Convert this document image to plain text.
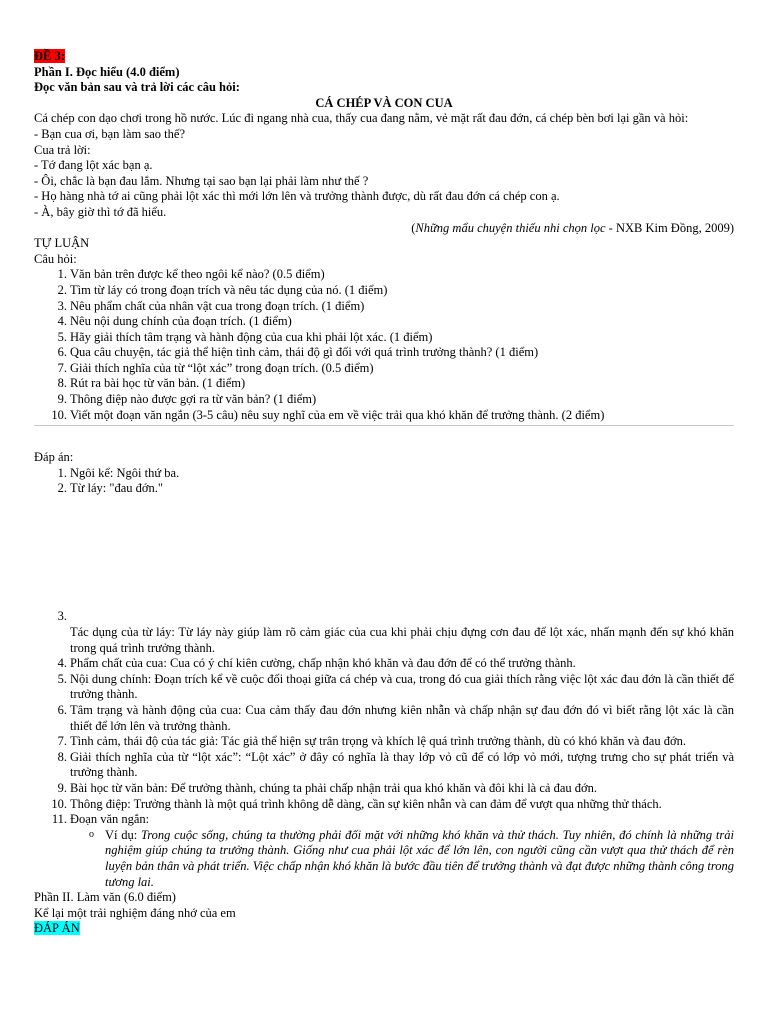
ĐỀ 3:
Phần I. Đọc hiểu (4.0 điểm)
Đọc văn bản sau và trả lời các câu hỏi:
CÁ CHÉP VÀ CON CUA
Cá chép con dạo chơi trong hồ nước. Lúc đi ngang nhà cua, thấy cua đang nằm, vẻ mặt rất đau đớn, cá chép bèn bơi lại gần và hỏi:
- Bạn cua ơi, bạn làm sao thế?
Cua trả lời:
- Tớ đang lột xác bạn ạ.
- Ôi, chắc là bạn đau lắm. Nhưng tại sao bạn lại phải làm như thế ?
- Họ hàng nhà tớ ai cũng phải lột xác thì mới lớn lên và trưởng thành được, dù rất đau đớn cá chép con ạ.
- À, bây giờ thì tớ đã hiểu.
(Những mẩu chuyện thiếu nhi chọn lọc - NXB Kim Đồng, 2009)
TỰ LUẬN
Câu hỏi:
1. Văn bản trên được kể theo ngôi kể nào? (0.5 điểm)
2. Tìm từ láy có trong đoạn trích và nêu tác dụng của nó. (1 điểm)
3. Nêu phẩm chất của nhân vật cua trong đoạn trích. (1 điểm)
4. Nêu nội dung chính của đoạn trích. (1 điểm)
5. Hãy giải thích tâm trạng và hành động của cua khi phải lột xác. (1 điểm)
6. Qua câu chuyện, tác giả thể hiện tình cảm, thái độ gì đối với quá trình trưởng thành? (1 điểm)
7. Giải thích nghĩa của từ “lột xác” trong đoạn trích. (0.5 điểm)
8. Rút ra bài học từ văn bản. (1 điểm)
9. Thông điệp nào được gợi ra từ văn bản? (1 điểm)
10. Viết một đoạn văn ngắn (3-5 câu) nêu suy nghĩ của em về việc trải qua khó khăn để trưởng thành. (2 điểm)
Đáp án:
1. Ngôi kể: Ngôi thứ ba.
2. Từ láy: "đau đớn."
3.
Tác dụng của từ láy: Từ láy này giúp làm rõ cảm giác của cua khi phải chịu đựng cơn đau để lột xác, nhấn mạnh đến sự khó khăn trong quá trình trưởng thành.
4. Phẩm chất của cua: Cua có ý chí kiên cường, chấp nhận khó khăn và đau đớn để có thể trưởng thành.
5. Nội dung chính: Đoạn trích kể về cuộc đối thoại giữa cá chép và cua, trong đó cua giải thích rằng việc lột xác đau đớn là cần thiết để trưởng thành.
6. Tâm trạng và hành động của cua: Cua cảm thấy đau đớn nhưng kiên nhẫn và chấp nhận sự đau đớn đó vì biết rằng lột xác là cần thiết để lớn lên và trưởng thành.
7. Tình cảm, thái độ của tác giả: Tác giả thể hiện sự trân trọng và khích lệ quá trình trưởng thành, dù có khó khăn và đau đớn.
8. Giải thích nghĩa của từ “lột xác”: “Lột xác” ở đây có nghĩa là thay lớp vỏ cũ để có lớp vỏ mới, tượng trưng cho sự phát triển và trưởng thành.
9. Bài học từ văn bản: Để trưởng thành, chúng ta phải chấp nhận trải qua khó khăn và đôi khi là cả đau đớn.
10. Thông điệp: Trưởng thành là một quá trình không dễ dàng, cần sự kiên nhẫn và can đảm để vượt qua những thử thách.
11. Đoạn văn ngắn:
o Ví dụ: Trong cuộc sống, chúng ta thường phải đối mặt với những khó khăn và thử thách. Tuy nhiên, đó chính là những trải nghiệm giúp chúng ta trưởng thành. Giống như cua phải lột xác để lớn lên, con người cũng cần vượt qua thử thách để rèn luyện bản thân và phát triển. Việc chấp nhận khó khăn là bước đầu tiên để trưởng thành và đạt được những thành công trong tương lai.
Phần II. Làm văn (6.0 điểm)
Kể lại một trải nghiệm đáng nhớ của em
ĐÁP ÁN
